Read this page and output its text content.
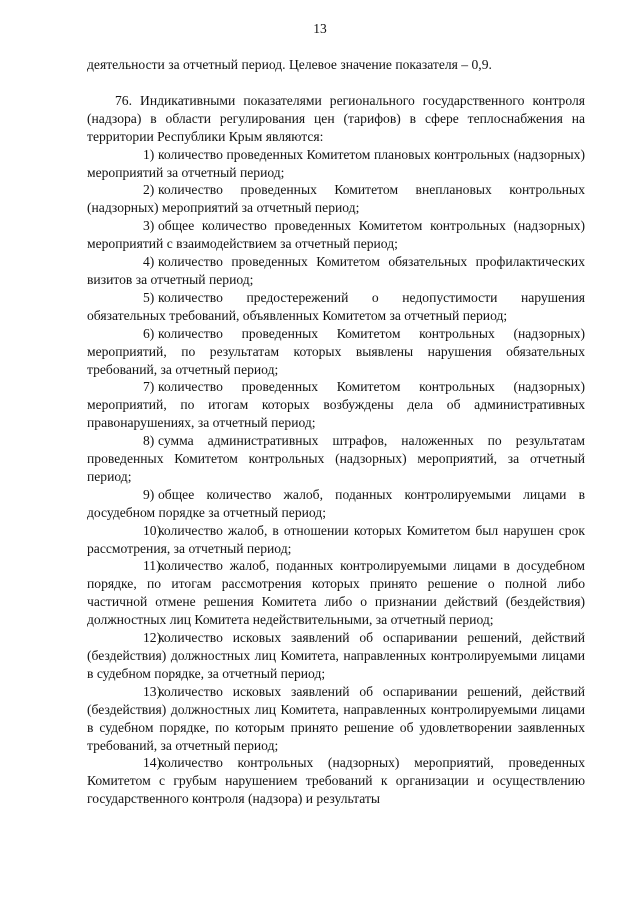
13

деятельности за отчетный период. Целевое значение показателя – 0,9.

76. Индикативными показателями регионального государственного контроля (надзора) в области регулирования цен (тарифов) в сфере теплоснабжения на территории Республики Крым являются:

1) количество проведенных Комитетом плановых контрольных (надзорных) мероприятий за отчетный период;

2) количество проведенных Комитетом внеплановых контрольных (надзорных) мероприятий за отчетный период;

3) общее количество проведенных Комитетом контрольных (надзорных) мероприятий с взаимодействием за отчетный период;

4) количество проведенных Комитетом обязательных профилактических визитов за отчетный период;

5) количество предостережений о недопустимости нарушения обязательных требований, объявленных Комитетом за отчетный период;

6) количество проведенных Комитетом контрольных (надзорных) мероприятий, по результатам которых выявлены нарушения обязательных требований, за отчетный период;

7) количество проведенных Комитетом контрольных (надзорных) мероприятий, по итогам которых возбуждены дела об административных правонарушениях, за отчетный период;

8) сумма административных штрафов, наложенных по результатам проведенных Комитетом контрольных (надзорных) мероприятий, за отчетный период;

9) общее количество жалоб, поданных контролируемыми лицами в досудебном порядке за отчетный период;

10)количество жалоб, в отношении которых Комитетом был нарушен срок рассмотрения, за отчетный период;

11)количество жалоб, поданных контролируемыми лицами в досудебном порядке, по итогам рассмотрения которых принято решение о полной либо частичной отмене решения Комитета либо о признании действий (бездействия) должностных лиц Комитета недействительными, за отчетный период;

12)количество исковых заявлений об оспаривании решений, действий (бездействия) должностных лиц Комитета, направленных контролируемыми лицами в судебном порядке, за отчетный период;

13)количество исковых заявлений об оспаривании решений, действий (бездействия) должностных лиц Комитета, направленных контролируемыми лицами в судебном порядке, по которым принято решение об удовлетворении заявленных требований, за отчетный период;

14)количество контрольных (надзорных) мероприятий, проведенных Комитетом с грубым нарушением требований к организации и осуществлению государственного контроля (надзора) и результаты
